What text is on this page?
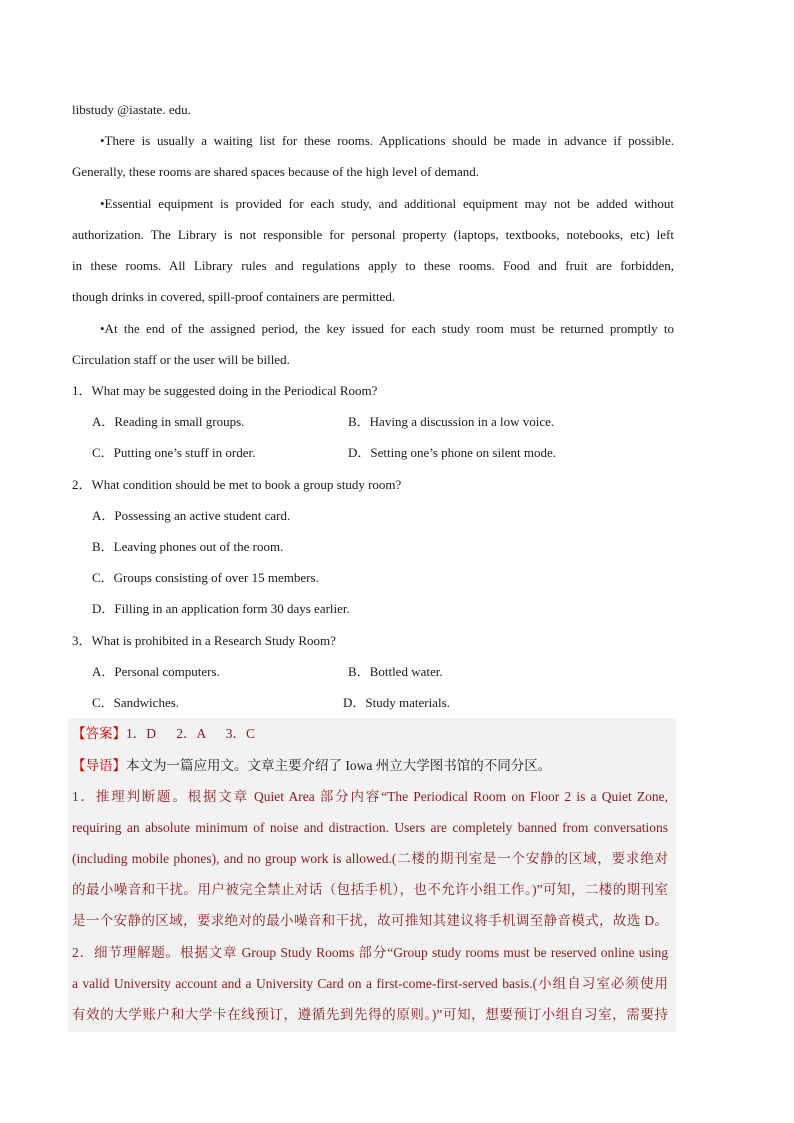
libstudy @iastate. edu.
•There is usually a waiting list for these rooms. Applications should be made in advance if possible.
Generally, these rooms are shared spaces because of the high level of demand.
•Essential equipment is provided for each study, and additional equipment may not be added without
authorization. The Library is not responsible for personal property (laptops, textbooks, notebooks, etc) left
in these rooms. All Library rules and regulations apply to these rooms. Food and fruit are forbidden,
though drinks in covered, spill-proof containers are permitted.
•At the end of the assigned period, the key issued for each study room must be returned promptly to
Circulation staff or the user will be billed.
1．What may be suggested doing in the Periodical Room?
A．Reading in small groups.	B．Having a discussion in a low voice.
C．Putting one’s stuff in order.	D．Setting one’s phone on silent mode.
2．What condition should be met to book a group study room?
A．Possessing an active student card.
B．Leaving phones out of the room.
C．Groups consisting of over 15 members.
D．Filling in an application form 30 days earlier.
3．What is prohibited in a Research Study Room?
A．Personal computers.	B．Bottled water.
C．Sandwiches.	D．Study materials.
【答案】1．D      2．A      3．C
【导语】本文为一篇应用文。文章主要介绍了 Iowa 州立大学图书馆的不同分区。
1．推理判断题。根据文章 Quiet Area 部分内容“The Periodical Room on Floor 2 is a Quiet Zone,
requiring an absolute minimum of noise and distraction. Users are completely banned from conversations
(including mobile phones), and no group work is allowed.(二楼的期刊室是一个安静的区域，要求绝对
的最小噪音和干扰。用户被完全禁止对话（包括手机），也不允许小组工作。)”可知，二楼的期刊室
是一个安静的区域，要求绝对的最小噪音和干扰，故可推知其建议将手机调至静音模式，故选 D。
2．细节理解题。根据文章 Group Study Rooms 部分“Group study rooms must be reserved online using
a valid University account and a University Card on a first-come-first-served basis.(小组自习室必须使用
有效的大学账户和大学卡在线预订，遵循先到先得的原则。)”可知，想要预订小组自习室，需要持
